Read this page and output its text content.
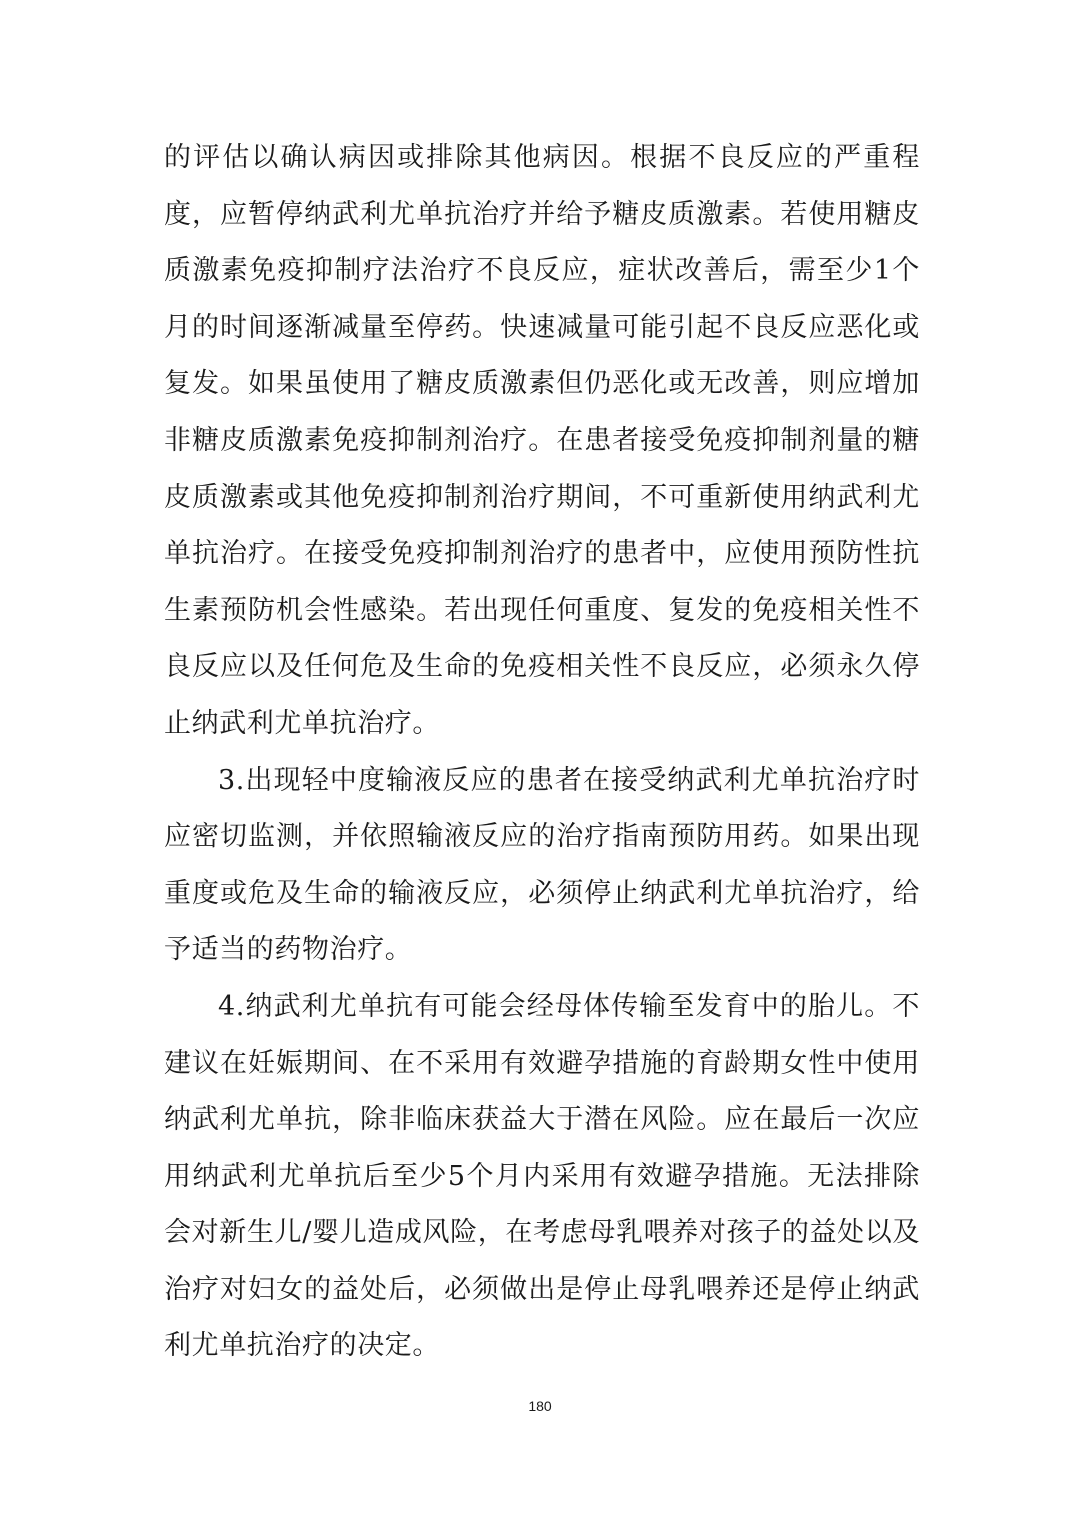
的评估以确认病因或排除其他病因。根据不良反应的严重程度，应暂停纳武利尤单抗治疗并给予糖皮质激素。若使用糖皮质激素免疫抑制疗法治疗不良反应，症状改善后，需至少1个月的时间逐渐减量至停药。快速减量可能引起不良反应恶化或复发。如果虽使用了糖皮质激素但仍恶化或无改善，则应增加非糖皮质激素免疫抑制剂治疗。在患者接受免疫抑制剂量的糖皮质激素或其他免疫抑制剂治疗期间，不可重新使用纳武利尤单抗治疗。在接受免疫抑制剂治疗的患者中，应使用预防性抗生素预防机会性感染。若出现任何重度、复发的免疫相关性不良反应以及任何危及生命的免疫相关性不良反应，必须永久停止纳武利尤单抗治疗。

3.出现轻中度输液反应的患者在接受纳武利尤单抗治疗时应密切监测，并依照输液反应的治疗指南预防用药。如果出现重度或危及生命的输液反应，必须停止纳武利尤单抗治疗，给予适当的药物治疗。

4.纳武利尤单抗有可能会经母体传输至发育中的胎儿。不建议在妊娠期间、在不采用有效避孕措施的育龄期女性中使用纳武利尤单抗，除非临床获益大于潜在风险。应在最后一次应用纳武利尤单抗后至少5个月内采用有效避孕措施。无法排除会对新生儿/婴儿造成风险，在考虑母乳喂养对孩子的益处以及治疗对妇女的益处后，必须做出是停止母乳喂养还是停止纳武利尤单抗治疗的决定。

180
